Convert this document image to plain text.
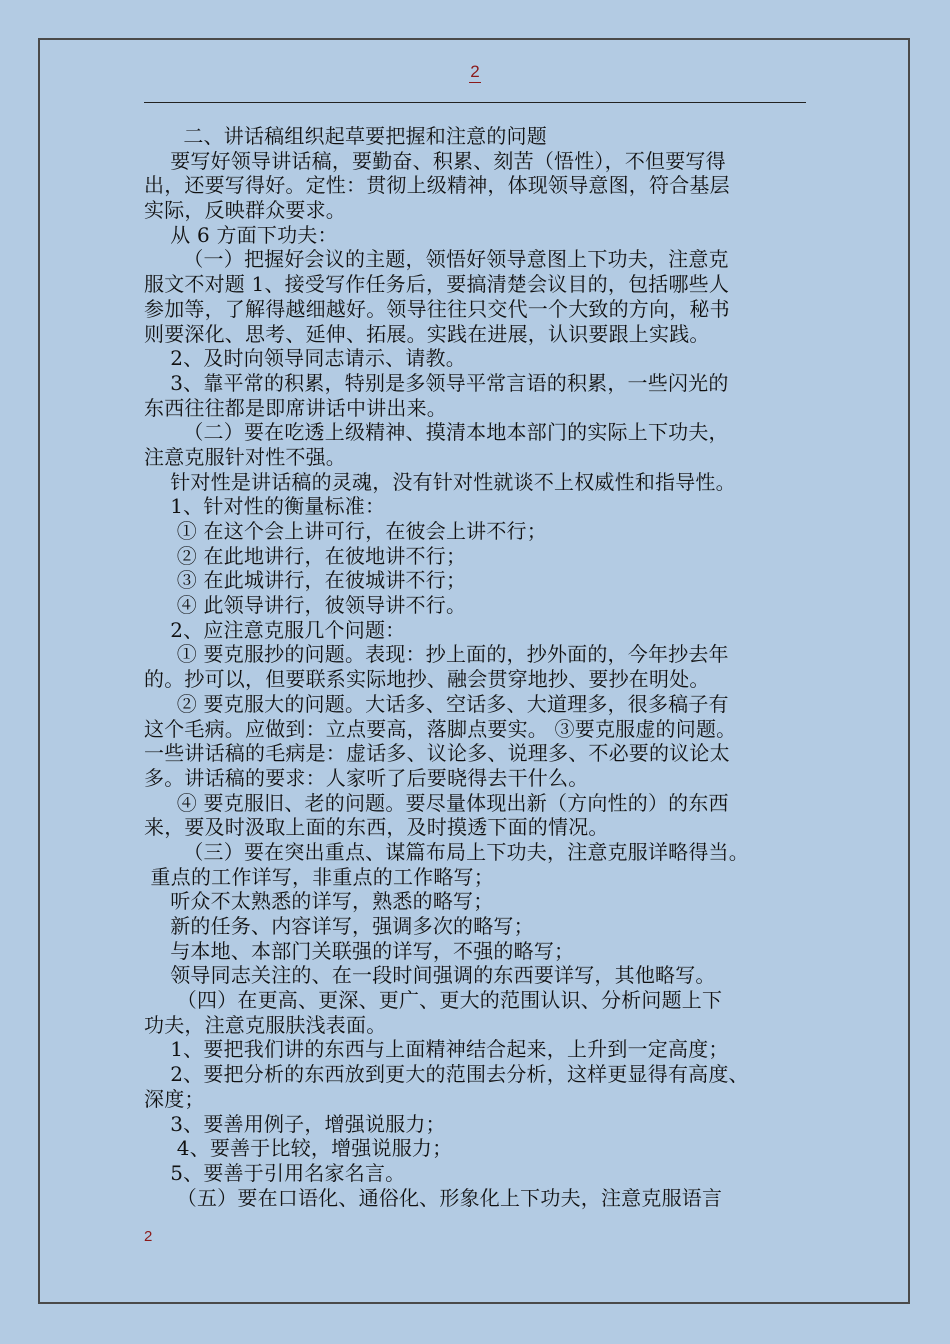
2
二、讲话稿组织起草要把握和注意的问题
要写好领导讲话稿，要勤奋、积累、刻苦（悟性），不但要写得
出，还要写得好。定性：贯彻上级精神，体现领导意图，符合基层
实际，反映群众要求。
从 6 方面下功夫：
（一）把握好会议的主题，领悟好领导意图上下功夫，注意克
服文不对题 1、接受写作任务后，要搞清楚会议目的，包括哪些人
参加等，了解得越细越好。领导往往只交代一个大致的方向，秘书
则要深化、思考、延伸、拓展。实践在进展，认识要跟上实践。
2、及时向领导同志请示、请教。
3、靠平常的积累，特别是多领导平常言语的积累，一些闪光的
东西往往都是即席讲话中讲出来。
（二）要在吃透上级精神、摸清本地本部门的实际上下功夫，
注意克服针对性不强。
针对性是讲话稿的灵魂，没有针对性就谈不上权威性和指导性。
1、针对性的衡量标准：
① 在这个会上讲可行，在彼会上讲不行；
② 在此地讲行，在彼地讲不行；
③ 在此城讲行，在彼城讲不行；
④ 此领导讲行，彼领导讲不行。
2、应注意克服几个问题：
① 要克服抄的问题。表现：抄上面的，抄外面的，今年抄去年
的。抄可以，但要联系实际地抄、融会贯穿地抄、要抄在明处。
② 要克服大的问题。大话多、空话多、大道理多，很多稿子有
这个毛病。应做到：立点要高，落脚点要实。 ③要克服虚的问题。
一些讲话稿的毛病是：虚话多、议论多、说理多、不必要的议论太
多。讲话稿的要求：人家听了后要晓得去干什么。
④ 要克服旧、老的问题。要尽量体现出新（方向性的）的东西
来，要及时汲取上面的东西，及时摸透下面的情况。
（三）要在突出重点、谋篇布局上下功夫，注意克服详略得当。
重点的工作详写，非重点的工作略写；
听众不太熟悉的详写，熟悉的略写；
新的任务、内容详写，强调多次的略写；
与本地、本部门关联强的详写，不强的略写；
领导同志关注的、在一段时间强调的东西要详写，其他略写。
（四）在更高、更深、更广、更大的范围认识、分析问题上下
功夫，注意克服肤浅表面。
1、要把我们讲的东西与上面精神结合起来，上升到一定高度；
2、要把分析的东西放到更大的范围去分析，这样更显得有高度、
深度；
3、要善用例子，增强说服力；
4、要善于比较，增强说服力；
5、要善于引用名家名言。
（五）要在口语化、通俗化、形象化上下功夫，注意克服语言
2
